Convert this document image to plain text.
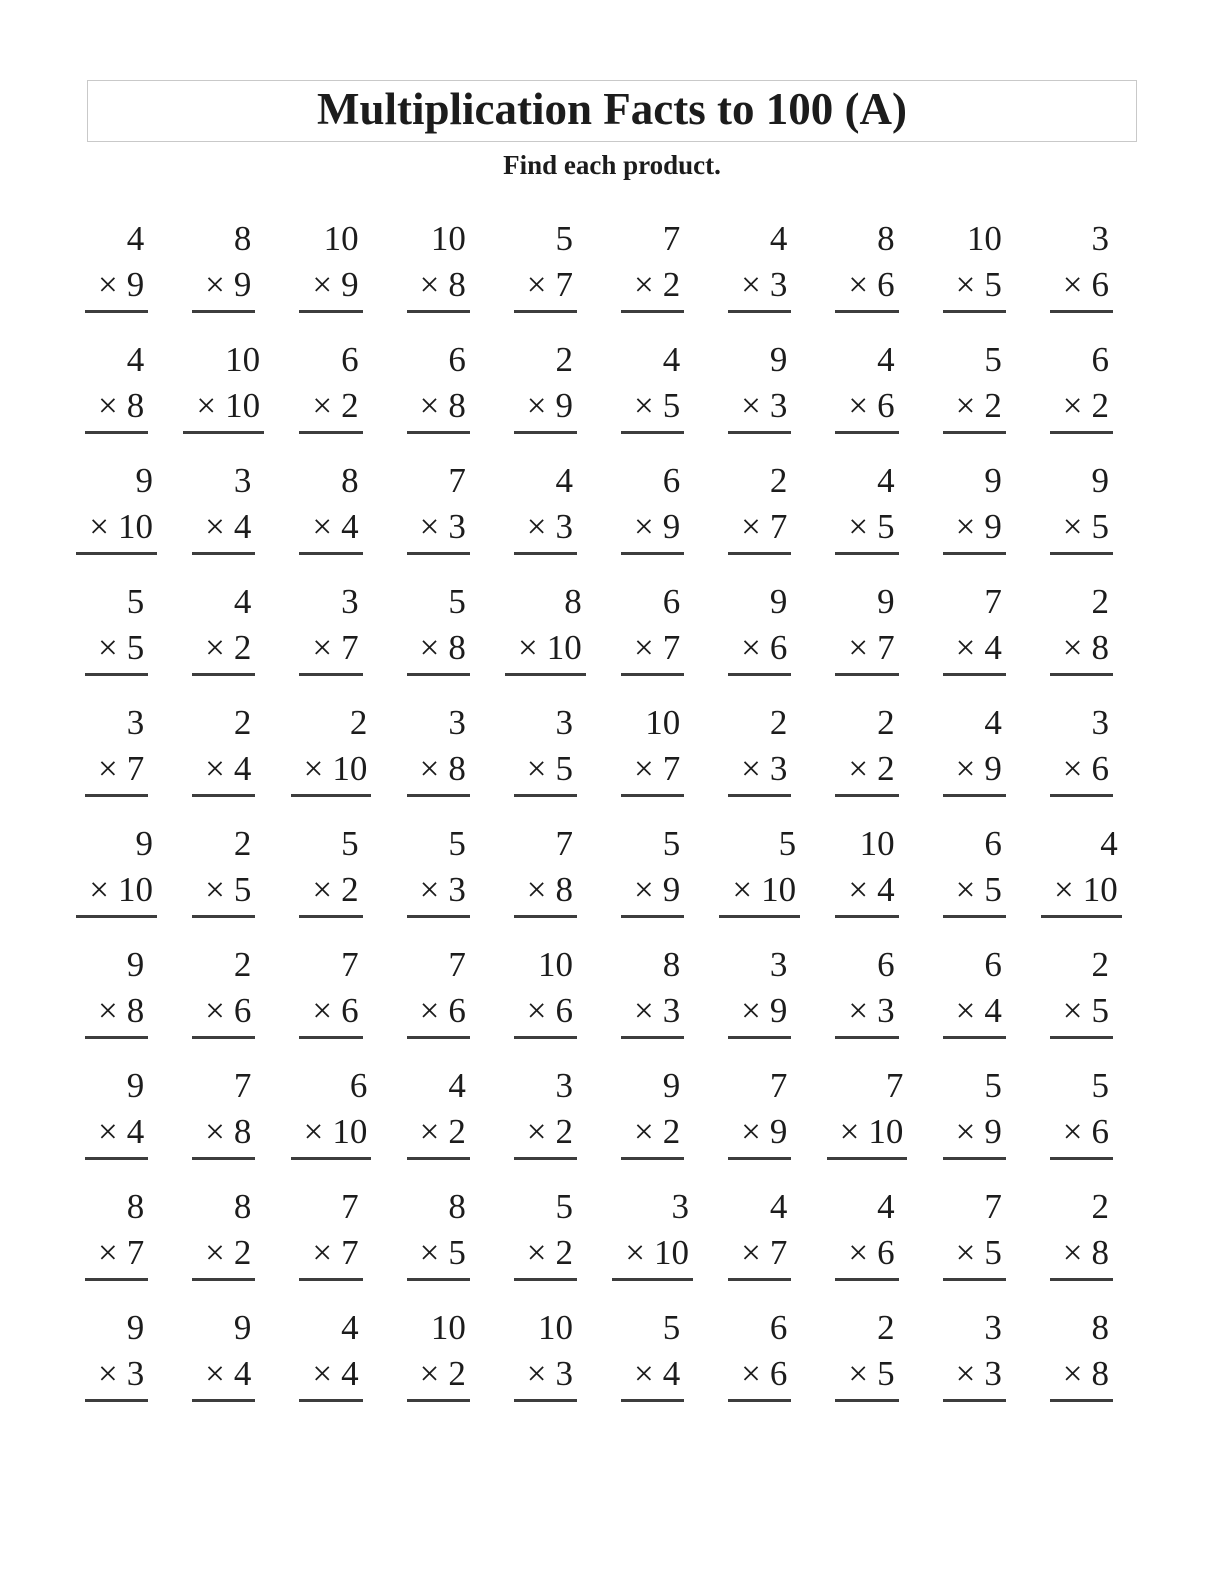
Multiplication Facts to 100 (A)

Find each product.

4
× 9
8
× 9
10
× 9
10
× 8
5
× 7
7
× 2
4
× 3
8
× 6
10
× 5
3
× 6
4
× 8
10
× 10
6
× 2
6
× 8
2
× 9
4
× 5
9
× 3
4
× 6
5
× 2
6
× 2
9
× 10
3
× 4
8
× 4
7
× 3
4
× 3
6
× 9
2
× 7
4
× 5
9
× 9
9
× 5
5
× 5
4
× 2
3
× 7
5
× 8
8
× 10
6
× 7
9
× 6
9
× 7
7
× 4
2
× 8
3
× 7
2
× 4
2
× 10
3
× 8
3
× 5
10
× 7
2
× 3
2
× 2
4
× 9
3
× 6
9
× 10
2
× 5
5
× 2
5
× 3
7
× 8
5
× 9
5
× 10
10
× 4
6
× 5
4
× 10
9
× 8
2
× 6
7
× 6
7
× 6
10
× 6
8
× 3
3
× 9
6
× 3
6
× 4
2
× 5
9
× 4
7
× 8
6
× 10
4
× 2
3
× 2
9
× 2
7
× 9
7
× 10
5
× 9
5
× 6
8
× 7
8
× 2
7
× 7
8
× 5
5
× 2
3
× 10
4
× 7
4
× 6
7
× 5
2
× 8
9
× 3
9
× 4
4
× 4
10
× 2
10
× 3
5
× 4
6
× 6
2
× 5
3
× 3
8
× 8
